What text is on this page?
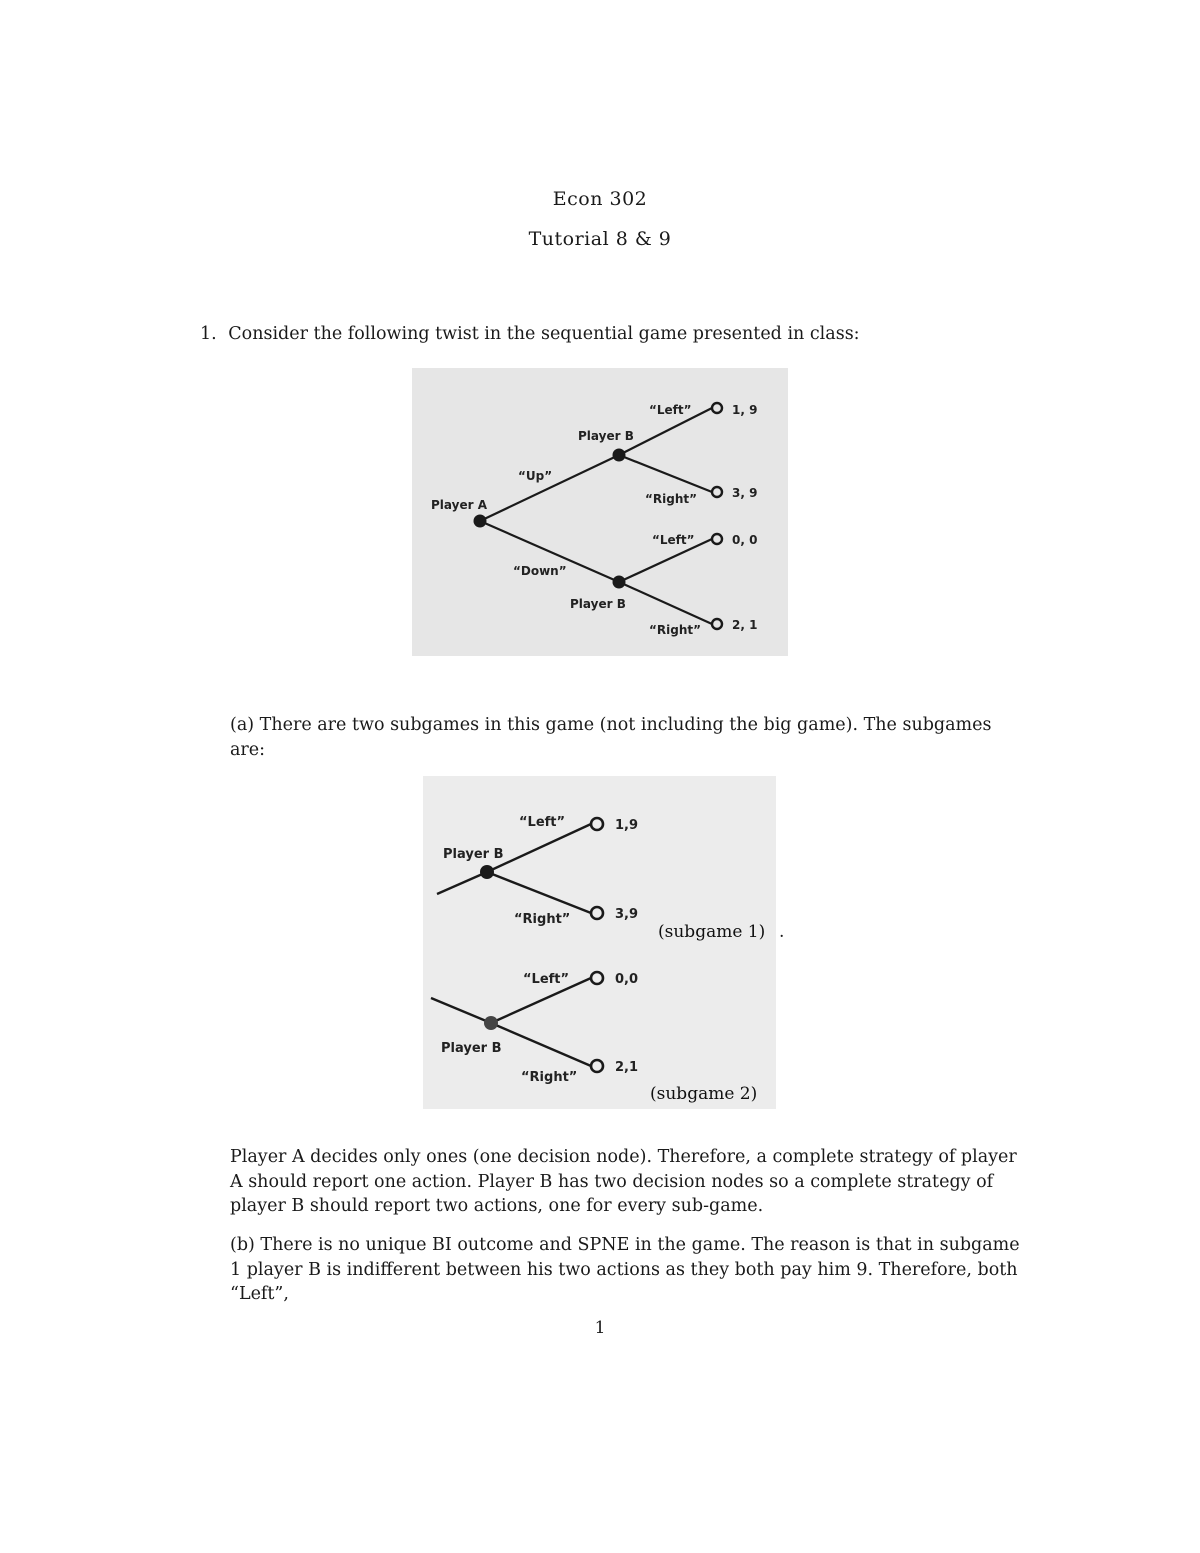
Econ 302
Tutorial 8 & 9
1. Consider the following twist in the sequential game presented in class:
Player A
Player B
Player B
“Up”
“Down”
“Left”
“Right”
“Left”
“Right”
1, 9
3, 9
0, 0
2, 1
(a) There are two subgames in this game (not including the big game). The subgames are:
Player B
Player B
“Left”
“Right”
“Left”
“Right”
1,9
3,9
0,0
2,1
(subgame 1)
(subgame 2)
.
Player A decides only ones (one decision node). Therefore, a complete strategy of player A should report one action. Player B has two decision nodes so a complete strategy of player B should report two actions, one for every sub-game.
(b) There is no unique BI outcome and SPNE in the game. The reason is that in subgame 1 player B is indifferent between his two actions as they both pay him 9. Therefore, both “Left”,
1
